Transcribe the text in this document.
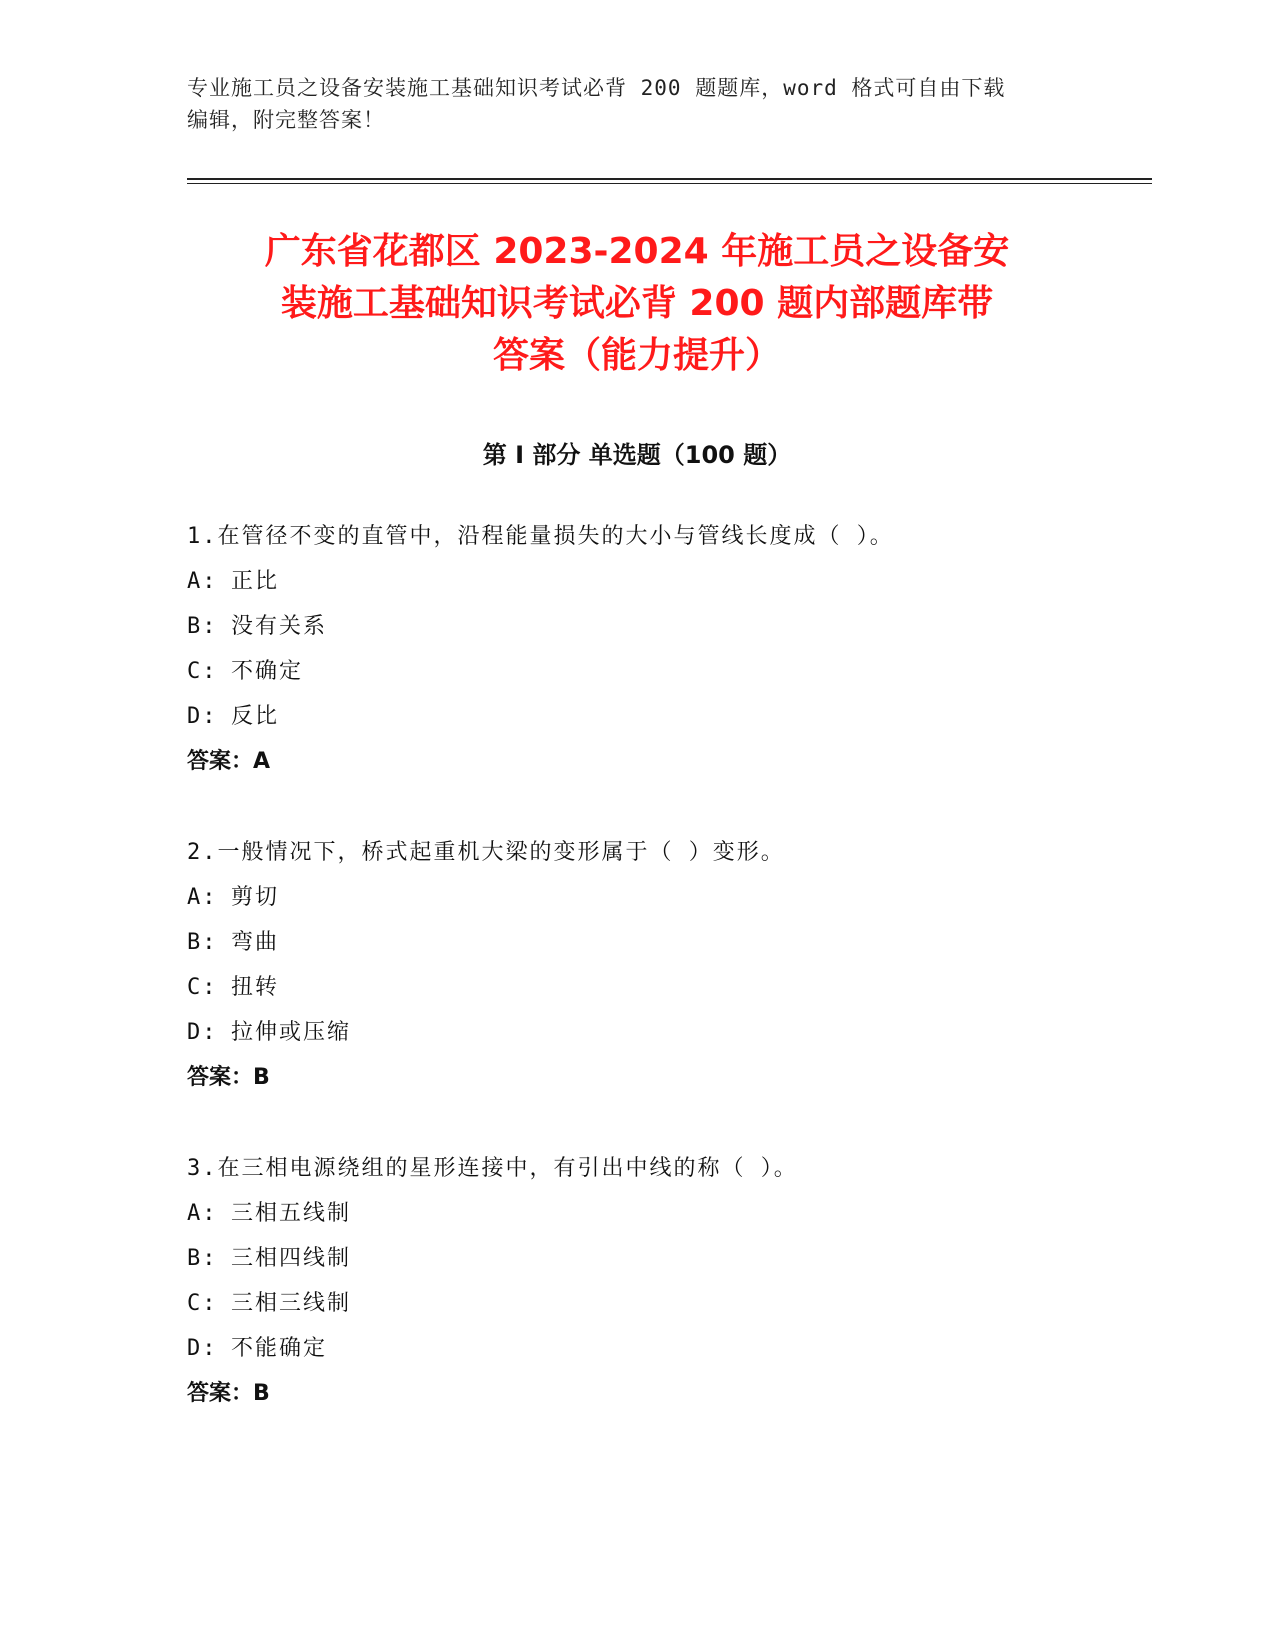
专业施工员之设备安装施工基础知识考试必背 200 题题库，word 格式可自由下载
编辑，附完整答案！
广东省花都区 2023-2024 年施工员之设备安
装施工基础知识考试必背 200 题内部题库带
答案（能力提升）
第 I 部分 单选题（100 题）
1.在管径不变的直管中，沿程能量损失的大小与管线长度成（ ）。
A: 正比
B: 没有关系
C: 不确定
D: 反比
答案：A
2.一般情况下，桥式起重机大梁的变形属于（ ）变形。
A: 剪切
B: 弯曲
C: 扭转
D: 拉伸或压缩
答案：B
3.在三相电源绕组的星形连接中，有引出中线的称（ ）。
A: 三相五线制
B: 三相四线制
C: 三相三线制
D: 不能确定
答案：B
